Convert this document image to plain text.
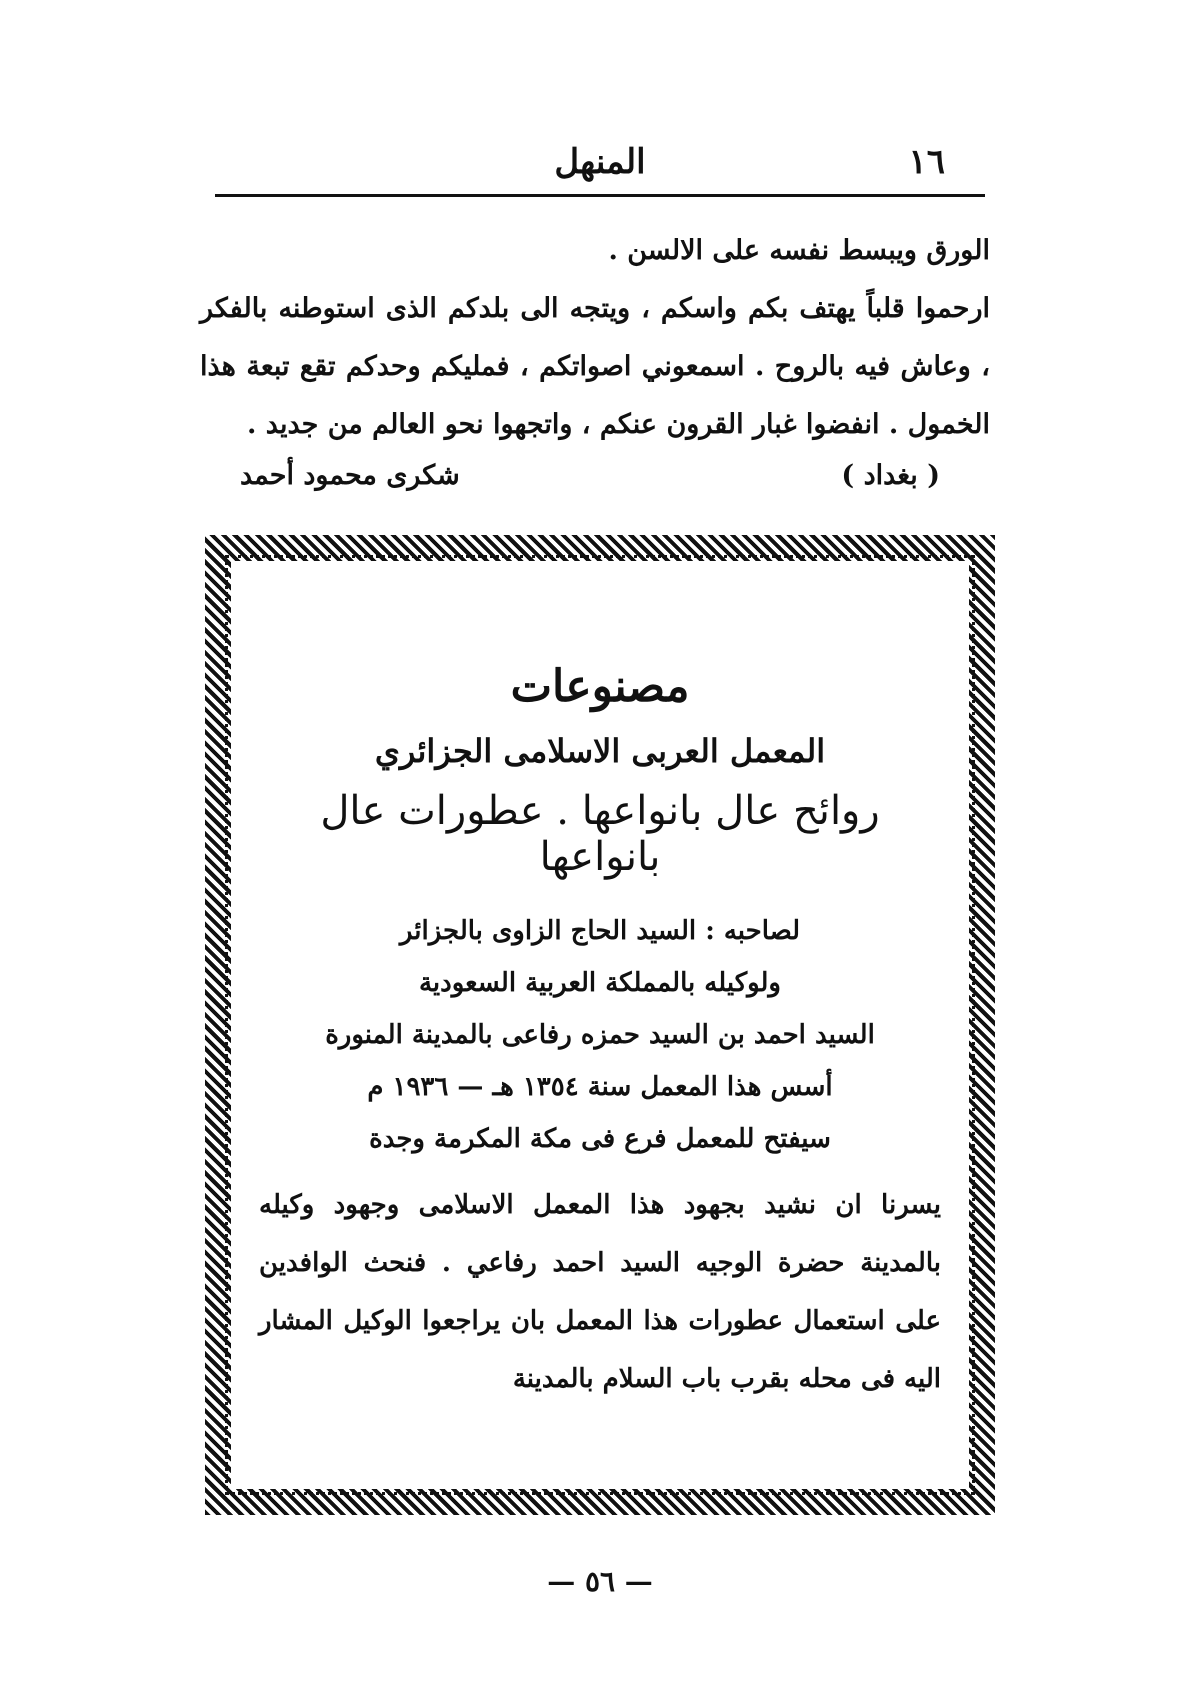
١٦
المنهل

الورق ويبسط نفسه على الالسن .

ارحموا قلباً يهتف بكم واسكم ، ويتجه الى بلدكم الذى استوطنه بالفكر ، وعاش فيه بالروح . اسمعوني اصواتكم ، فمليكم وحدكم تقع تبعة هذا الخمول . انفضوا غبار القرون عنكم ، واتجهوا نحو العالم من جديد .

( بغداد )
شكرى محمود أحمد
مصنوعات
المعمل العربى الاسلامى الجزائري
روائح عال بانواعها . عطورات عال بانواعها
لصاحبه : السيد الحاج الزاوى بالجزائر
ولوكيله بالمملكة العربية السعودية
السيد احمد بن السيد حمزه رفاعى بالمدينة المنورة
أسس هذا المعمل سنة ١٣٥٤ هـ — ١٩٣٦ م
سيفتح للمعمل فرع فى مكة المكرمة وجدة
يسرنا ان نشيد بجهود هذا المعمل الاسلامى وجهود وكيله بالمدينة حضرة الوجيه السيد احمد رفاعي . فنحث الوافدين على استعمال عطورات هذا المعمل بان يراجعوا الوكيل المشار اليه فى محله بقرب باب السلام بالمدينة
— ٥٦ —
